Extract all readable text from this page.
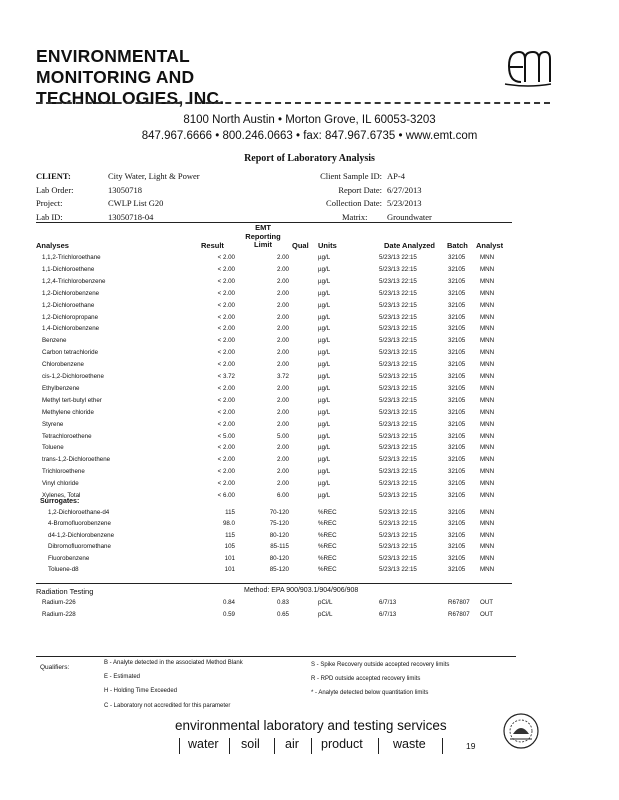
ENVIRONMENTAL
MONITORING AND
TECHNOLOGIES, INC.
8100 North Austin • Morton Grove, IL 60053-3203
847.967.6666 • 800.246.0663 • fax: 847.967.6735 • www.emt.com
Report of Laboratory Analysis
CLIENT:	City Water, Light & Power	Client Sample ID: AP-4
Lab Order:	13050718	Report Date: 6/27/2013
Project:	CWLP List G20	Collection Date: 5/23/2013
Lab ID:	13050718-04	Matrix: Groundwater
Analyses	Result
EMT
Reporting
Limit	Qual Units	Date Analyzed Batch Analyst
1,1,2-Trichloroethane	< 2.00	2.00	µg/L	5/23/13 22:15	32105 MNN
1,1-Dichloroethene	< 2.00	2.00	µg/L	5/23/13 22:15	32105 MNN
1,2,4-Trichlorobenzene	< 2.00	2.00	µg/L	5/23/13 22:15	32105 MNN
1,2-Dichlorobenzene	< 2.00	2.00	µg/L	5/23/13 22:15	32105 MNN
1,2-Dichloroethane	< 2.00	2.00	µg/L	5/23/13 22:15	32105 MNN
1,2-Dichloropropane	< 2.00	2.00	µg/L	5/23/13 22:15	32105 MNN
1,4-Dichlorobenzene	< 2.00	2.00	µg/L	5/23/13 22:15	32105 MNN
Benzene	< 2.00	2.00	µg/L	5/23/13 22:15	32105 MNN
Carbon tetrachloride	< 2.00	2.00	µg/L	5/23/13 22:15	32105 MNN
Chlorobenzene	< 2.00	2.00	µg/L	5/23/13 22:15	32105 MNN
cis-1,2-Dichloroethene	< 3.72	3.72	µg/L	5/23/13 22:15	32105 MNN
Ethylbenzene	< 2.00	2.00	µg/L	5/23/13 22:15	32105 MNN
Methyl tert-butyl ether	< 2.00	2.00	µg/L	5/23/13 22:15	32105 MNN
Methylene chloride	< 2.00	2.00	µg/L	5/23/13 22:15	32105 MNN
Styrene	< 2.00	2.00	µg/L	5/23/13 22:15	32105 MNN
Tetrachloroethene	< 5.00	5.00	µg/L	5/23/13 22:15	32105 MNN
Toluene	< 2.00	2.00	µg/L	5/23/13 22:15	32105 MNN
trans-1,2-Dichloroethene	< 2.00	2.00	µg/L	5/23/13 22:15	32105 MNN
Trichloroethene	< 2.00	2.00	µg/L	5/23/13 22:15	32105 MNN
Vinyl chloride	< 2.00	2.00	µg/L	5/23/13 22:15	32105 MNN
Xylenes, Total	< 6.00	6.00	µg/L	5/23/13 22:15	32105 MNN
Surrogates:
1,2-Dichloroethane-d4	115	70-120	%REC	5/23/13 22:15	32105 MNN
4-Bromofluorobenzene	98.0	75-120	%REC	5/23/13 22:15	32105 MNN
d4-1,2-Dichlorobenzene	115	80-120	%REC	5/23/13 22:15	32105 MNN
Dibromofluoromethane	105	85-115	%REC	5/23/13 22:15	32105 MNN
Fluorobenzene	101	80-120	%REC	5/23/13 22:15	32105 MNN
Toluene-d8	101	85-120	%REC	5/23/13 22:15	32105 MNN
Radiation Testing	Method: EPA 900/903.1/904/906/908
Radium-226	0.84	0.83	pCi/L	6/7/13	R67807 OUT
Radium-228	0.59	0.65	pCi/L	6/7/13	R67807 OUT
Qualifiers:
B - Analyte detected in the associated Method Blank
E - Estimated
H - Holding Time Exceeded
C - Laboratory not accredited for this parameter
S - Spike Recovery outside accepted recovery limits
R - RPD outside accepted recovery limits
* - Analyte detected below quantitation limits
environmental laboratory and testing services
water soil air product waste	19
